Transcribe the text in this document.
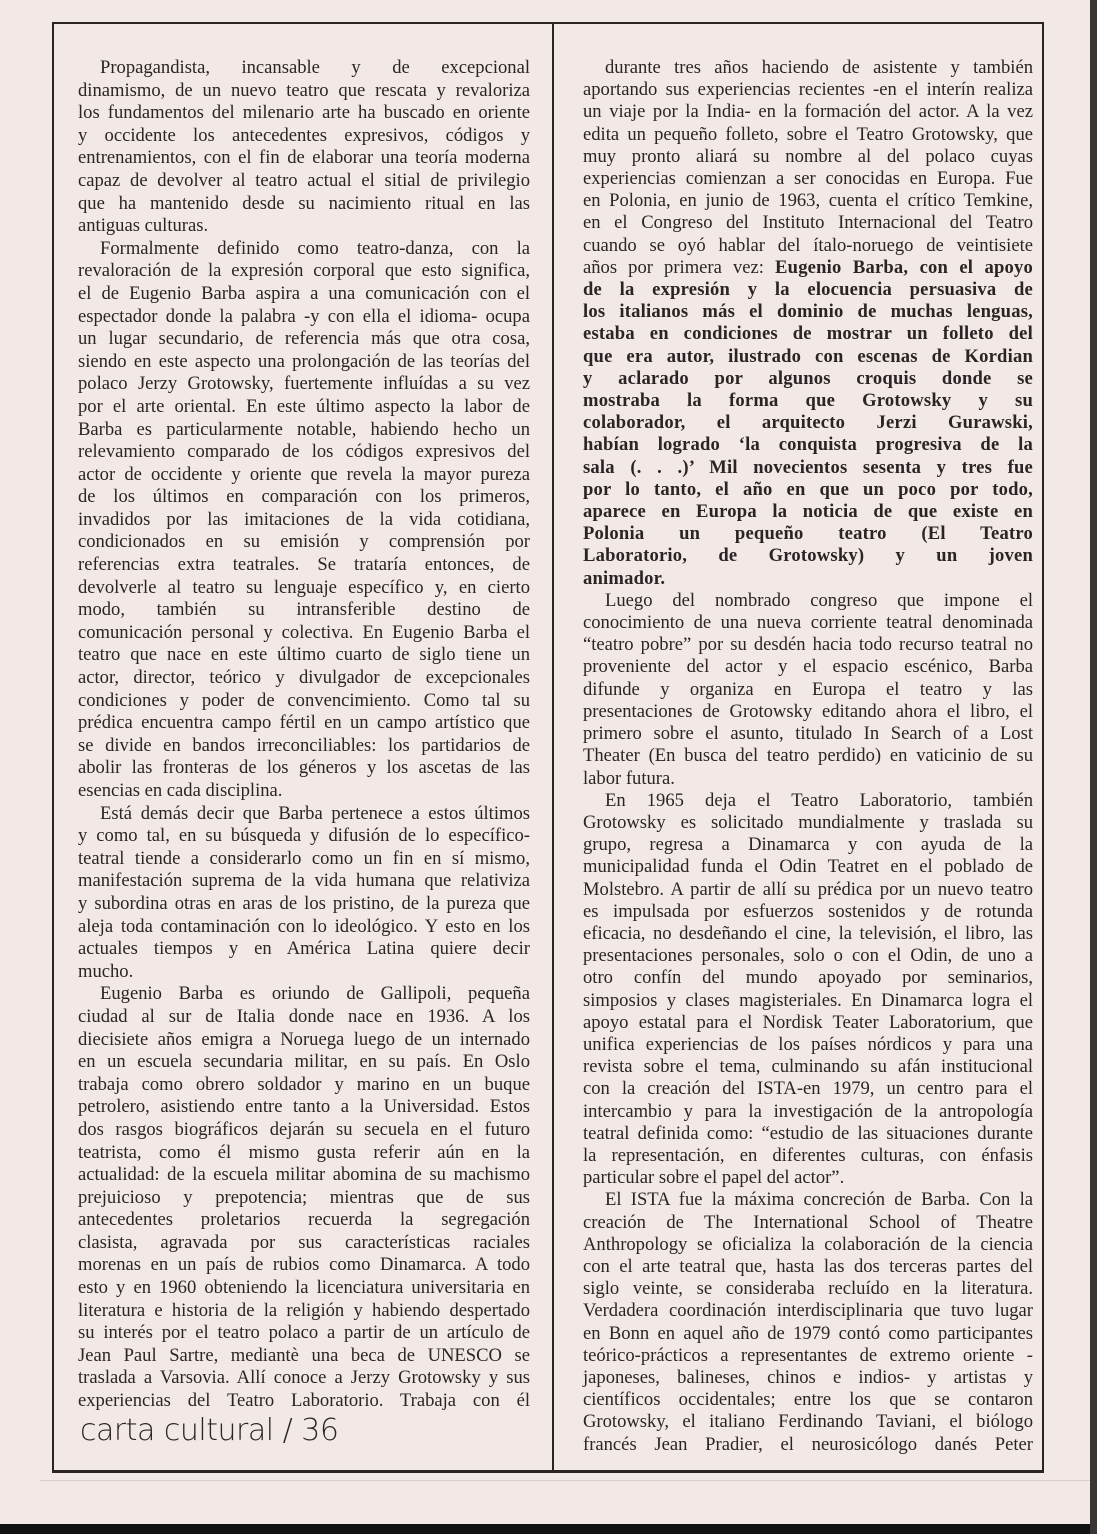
Propagandista, incansable y de excepcional
dinamismo, de un nuevo teatro que rescata y revaloriza
los fundamentos del milenario arte ha buscado en oriente
y occidente los antecedentes expresivos, códigos y
entrenamientos, con el fin de elaborar una teoría moderna
capaz de devolver al teatro actual el sitial de privilegio
que ha mantenido desde su nacimiento ritual en las
antiguas culturas.
Formalmente definido como teatro-danza, con la
revaloración de la expresión corporal que esto significa,
el de Eugenio Barba aspira a una comunicación con el
espectador donde la palabra -y con ella el idioma- ocupa
un lugar secundario, de referencia más que otra cosa,
siendo en este aspecto una prolongación de las teorías del
polaco Jerzy Grotowsky, fuertemente influídas a su vez
por el arte oriental. En este último aspecto la labor de
Barba es particularmente notable, habiendo hecho un
relevamiento comparado de los códigos expresivos del
actor de occidente y oriente que revela la mayor pureza
de los últimos en comparación con los primeros,
invadidos por las imitaciones de la vida cotidiana,
condicionados en su emisión y comprensión por
referencias extra teatrales. Se trataría entonces, de
devolverle al teatro su lenguaje específico y, en cierto
modo, también su intransferible destino de
comunicación personal y colectiva. En Eugenio Barba el
teatro que nace en este último cuarto de siglo tiene un
actor, director, teórico y divulgador de excepcionales
condiciones y poder de convencimiento. Como tal su
prédica encuentra campo fértil en un campo artístico que
se divide en bandos irreconciliables: los partidarios de
abolir las fronteras de los géneros y los ascetas de las
esencias en cada disciplina.
Está demás decir que Barba pertenece a estos últimos
y como tal, en su búsqueda y difusión de lo específico-
teatral tiende a considerarlo como un fin en sí mismo,
manifestación suprema de la vida humana que relativiza
y subordina otras en aras de los pristino, de la pureza que
aleja toda contaminación con lo ideológico. Y esto en los
actuales tiempos y en América Latina quiere decir
mucho.
Eugenio Barba es oriundo de Gallipoli, pequeña
ciudad al sur de Italia donde nace en 1936. A los
diecisiete años emigra a Noruega luego de un internado
en un escuela secundaria militar, en su país. En Oslo
trabaja como obrero soldador y marino en un buque
petrolero, asistiendo entre tanto a la Universidad. Estos
dos rasgos biográficos dejarán su secuela en el futuro
teatrista, como él mismo gusta referir aún en la
actualidad: de la escuela militar abomina de su machismo
prejuicioso y prepotencia; mientras que de sus
antecedentes proletarios recuerda la segregación
clasista, agravada por sus características raciales
morenas en un país de rubios como Dinamarca. A todo
esto y en 1960 obteniendo la licenciatura universitaria en
literatura e historia de la religión y habiendo despertado
su interés por el teatro polaco a partir de un artículo de
Jean Paul Sartre, mediantè una beca de UNESCO se
traslada a Varsovia. Allí conoce a Jerzy Grotowsky y sus
experiencias del Teatro Laboratorio. Trabaja con él
durante tres años haciendo de asistente y también
aportando sus experiencias recientes -en el interín realiza
un viaje por la India- en la formación del actor. A la vez
edita un pequeño folleto, sobre el Teatro Grotowsky, que
muy pronto aliará su nombre al del polaco cuyas
experiencias comienzan a ser conocidas en Europa. Fue
en Polonia, en junio de 1963, cuenta el crítico Temkine,
en el Congreso del Instituto Internacional del Teatro
cuando se oyó hablar del ítalo-noruego de veintisiete
años por primera vez: Eugenio Barba, con el apoyo
de la expresión y la elocuencia persuasiva de
los italianos más el dominio de muchas lenguas,
estaba en condiciones de mostrar un folleto del
que era autor, ilustrado con escenas de Kordian
y aclarado por algunos croquis donde se
mostraba la forma que Grotowsky y su
colaborador, el arquitecto Jerzi Gurawski,
habían logrado ‘la conquista progresiva de la
sala (. . .)’ Mil novecientos sesenta y tres fue
por lo tanto, el año en que un poco por todo,
aparece en Europa la noticia de que existe en
Polonia un pequeño teatro (El Teatro
Laboratorio, de Grotowsky) y un joven
animador.
Luego del nombrado congreso que impone el
conocimiento de una nueva corriente teatral denominada
“teatro pobre” por su desdén hacia todo recurso teatral no
proveniente del actor y el espacio escénico, Barba
difunde y organiza en Europa el teatro y las
presentaciones de Grotowsky editando ahora el libro, el
primero sobre el asunto, titulado In Search of a Lost
Theater (En busca del teatro perdido) en vaticinio de su
labor futura.
En 1965 deja el Teatro Laboratorio, también
Grotowsky es solicitado mundialmente y traslada su
grupo, regresa a Dinamarca y con ayuda de la
municipalidad funda el Odin Teatret en el poblado de
Molstebro. A partir de allí su prédica por un nuevo teatro
es impulsada por esfuerzos sostenidos y de rotunda
eficacia, no desdeñando el cine, la televisión, el libro, las
presentaciones personales, solo o con el Odin, de uno a
otro confín del mundo apoyado por seminarios,
simposios y clases magisteriales. En Dinamarca logra el
apoyo estatal para el Nordisk Teater Laboratorium, que
unifica experiencias de los países nórdicos y para una
revista sobre el tema, culminando su afán institucional
con la creación del ISTA-en 1979, un centro para el
intercambio y para la investigación de la antropología
teatral definida como: “estudio de las situaciones durante
la representación, en diferentes culturas, con énfasis
particular sobre el papel del actor”.
El ISTA fue la máxima concreción de Barba. Con la
creación de The International School of Theatre
Anthropology se oficializa la colaboración de la ciencia
con el arte teatral que, hasta las dos terceras partes del
siglo veinte, se consideraba recluído en la literatura.
Verdadera coordinación interdisciplinaria que tuvo lugar
en Bonn en aquel año de 1979 contó como participantes
teórico-prácticos a representantes de extremo oriente -
japoneses, balineses, chinos e indios- y artistas y
científicos occidentales; entre los que se contaron
Grotowsky, el italiano Ferdinando Taviani, el biólogo
francés Jean Pradier, el neurosicólogo danés Peter
carta cultural / 36
